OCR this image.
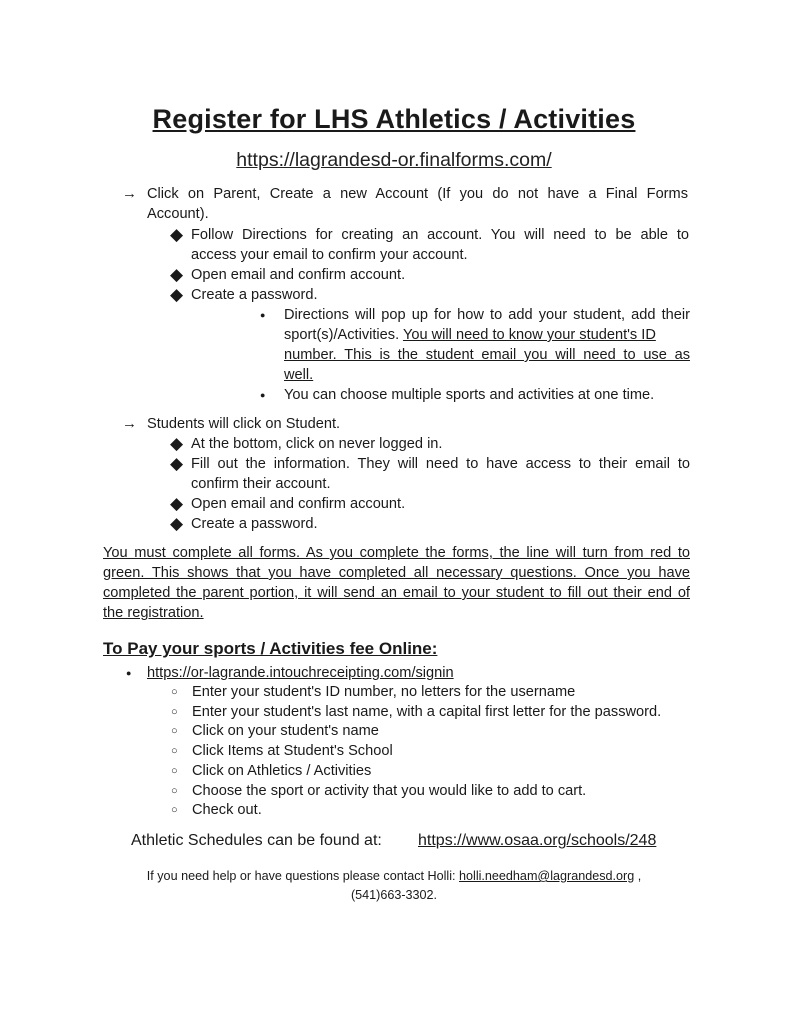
Register for LHS Athletics / Activities
https://lagrandesd-or.finalforms.com/
→ Click on Parent, Create a new Account (If you do not have a Final Forms
Account).
◆ Follow Directions for creating an account. You will need to be able to
access your email to confirm your account.
◆ Open email and confirm account.
◆ Create a password.
● Directions will pop up for how to add your student, add their
sport(s)/Activities. You will need to know your student's ID
number. This is the student email you will need to use as
well.
● You can choose multiple sports and activities at one time.
→ Students will click on Student.
◆ At the bottom, click on never logged in.
◆ Fill out the information. They will need to have access to their email to
confirm their account.
◆ Open email and confirm account.
◆ Create a password.
You must complete all forms. As you complete the forms, the line will turn from red to
green. This shows that you have completed all necessary questions. Once you have
completed the parent portion, it will send an email to your student to fill out their end of
the registration.
To Pay your sports / Activities fee Online:
● https://or-lagrande.intouchreceipting.com/signin
○ Enter your student's ID number, no letters for the username
○ Enter your student's last name, with a capital first letter for the password.
○ Click on your student's name
○ Click Items at Student's School
○ Click on Athletics / Activities
○ Choose the sport or activity that you would like to add to cart.
○ Check out.
Athletic Schedules can be found at: https://www.osaa.org/schools/248
If you need help or have questions please contact Holli: holli.needham@lagrandesd.org ,
(541)663-3302.
